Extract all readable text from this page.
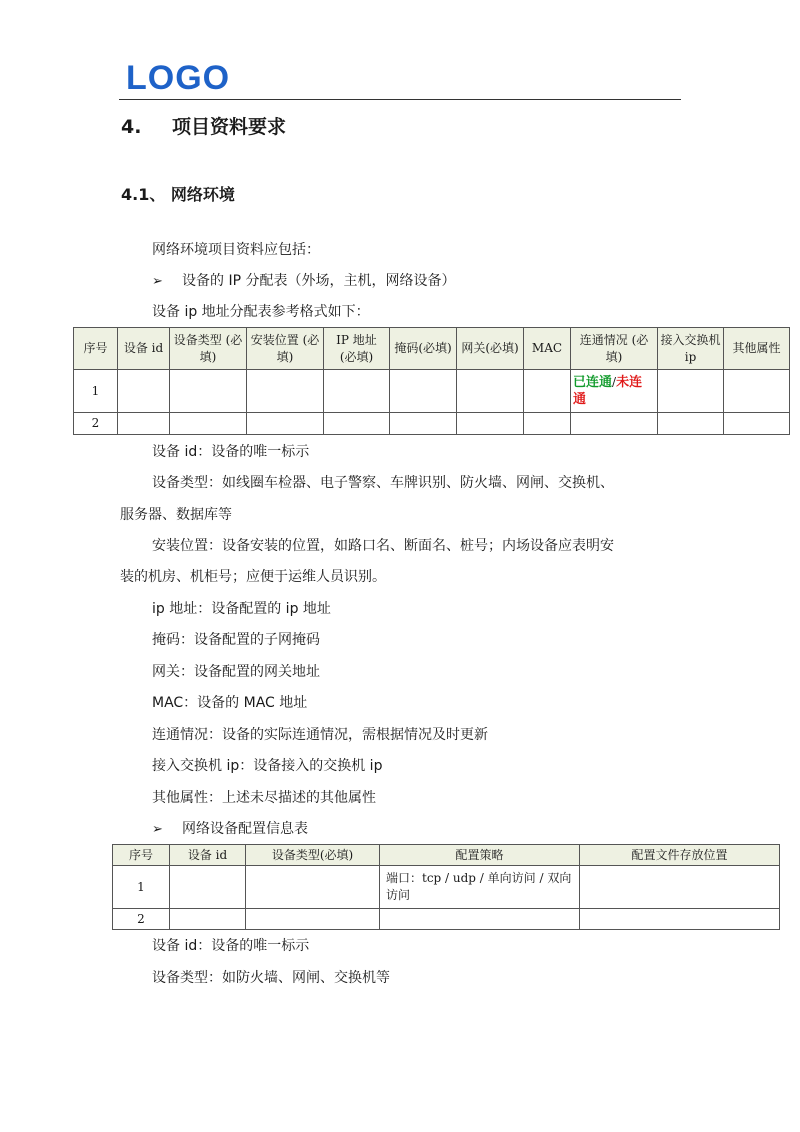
LOGO
4. 项目资料要求
4.1、 网络环境
网络环境项目资料应包括：
➢ 设备的 IP 分配表（外场，主机，网络设备）
设备 ip 地址分配表参考格式如下：
序号	设备 id	设备类型 (必填)	安装位置 (必填)	IP 地址 (必填)	掩码(必填)	网关(必填)	MAC	连通情况 (必填)	接入交换机 ip	其他属性
1								已连通/未连通		
2										
设备 id：设备的唯一标示
设备类型：如线圈车检器、电子警察、车牌识别、防火墙、网闸、交换机、
服务器、数据库等
安装位置：设备安装的位置，如路口名、断面名、桩号；内场设备应表明安
装的机房、机柜号；应便于运维人员识别。
ip 地址：设备配置的 ip 地址
掩码：设备配置的子网掩码
网关：设备配置的网关地址
MAC：设备的 MAC 地址
连通情况：设备的实际连通情况，需根据情况及时更新
接入交换机 ip：设备接入的交换机 ip
其他属性：上述未尽描述的其他属性
➢ 网络设备配置信息表
序号	设备 id	设备类型(必填)	配置策略	配置文件存放位置
1			端口：tcp / udp / 单向访问 / 双向访问	
2				
设备 id：设备的唯一标示
设备类型：如防火墙、网闸、交换机等
